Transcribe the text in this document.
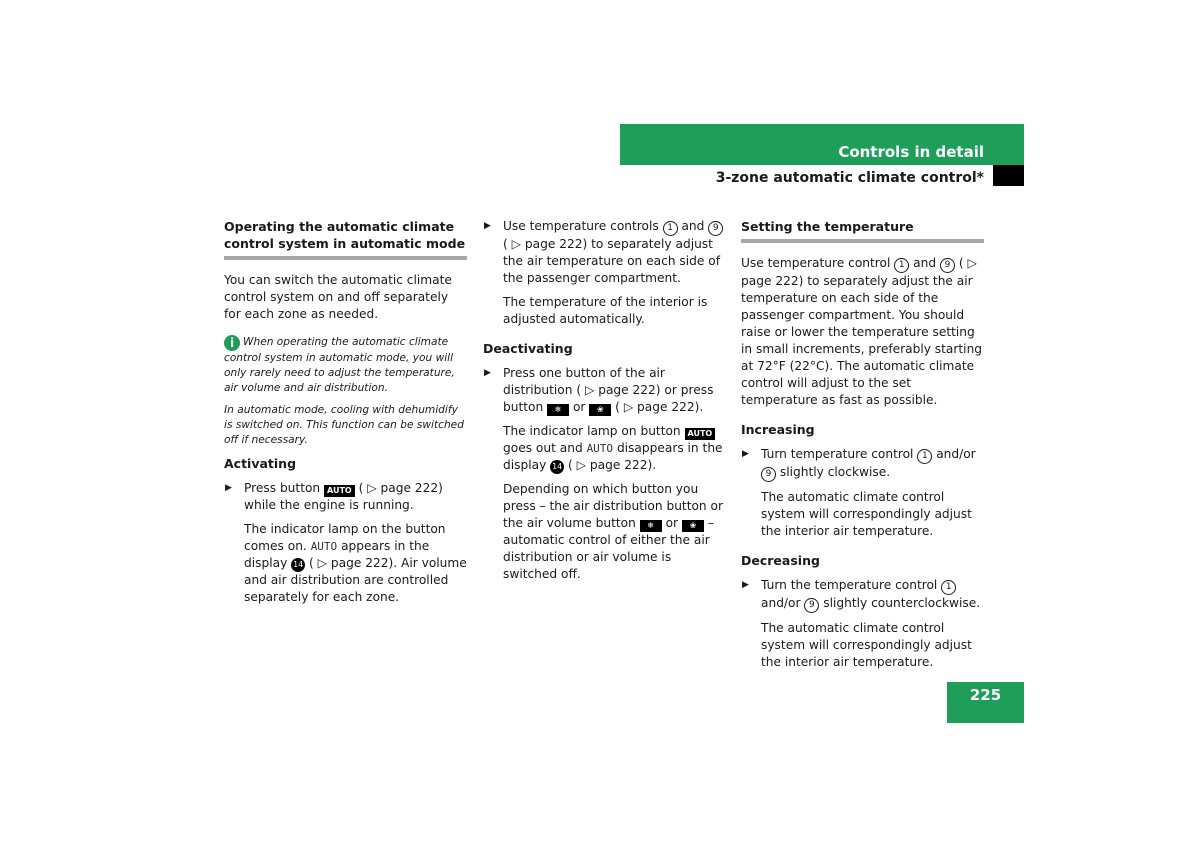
Controls in detail
3-zone automatic climate control*
Operating the automatic climate control system in automatic mode

You can switch the automatic climate control system on and off separately for each zone as needed.

i When operating the automatic climate control system in automatic mode, you will only rarely need to adjust the temperature, air volume and air distribution.

In automatic mode, cooling with dehumidify is switched on. This function can be switched off if necessary.

Activating

▶ Press button AUTO ( ▷ page 222) while the engine is running.

The indicator lamp on the button comes on. AUTO appears in the display 14 ( ▷ page 222). Air volume and air distribution are controlled separately for each zone.

▶ Use temperature controls 1 and 9 ( ▷ page 222) to separately adjust the air temperature on each side of the passenger compartment.

The temperature of the interior is adjusted automatically.

Deactivating

▶ Press one button of the air distribution ( ▷ page 222) or press button ❄ or ❀ ( ▷ page 222).

The indicator lamp on button AUTO goes out and AUTO disappears in the display 14 ( ▷ page 222).

Depending on which button you press – the air distribution button or the air volume button ❄ or ❀ – automatic control of either the air distribution or air volume is switched off.

Setting the temperature

Use temperature control 1 and 9 ( ▷ page 222) to separately adjust the air temperature on each side of the passenger compartment. You should raise or lower the temperature setting in small increments, preferably starting at 72°F (22°C). The automatic climate control will adjust to the set temperature as fast as possible.

Increasing

▶ Turn temperature control 1 and/or 9 slightly clockwise.

The automatic climate control system will correspondingly adjust the interior air temperature.

Decreasing

▶ Turn the temperature control 1 and/or 9 slightly counterclockwise.

The automatic climate control system will correspondingly adjust the interior air temperature.

225
